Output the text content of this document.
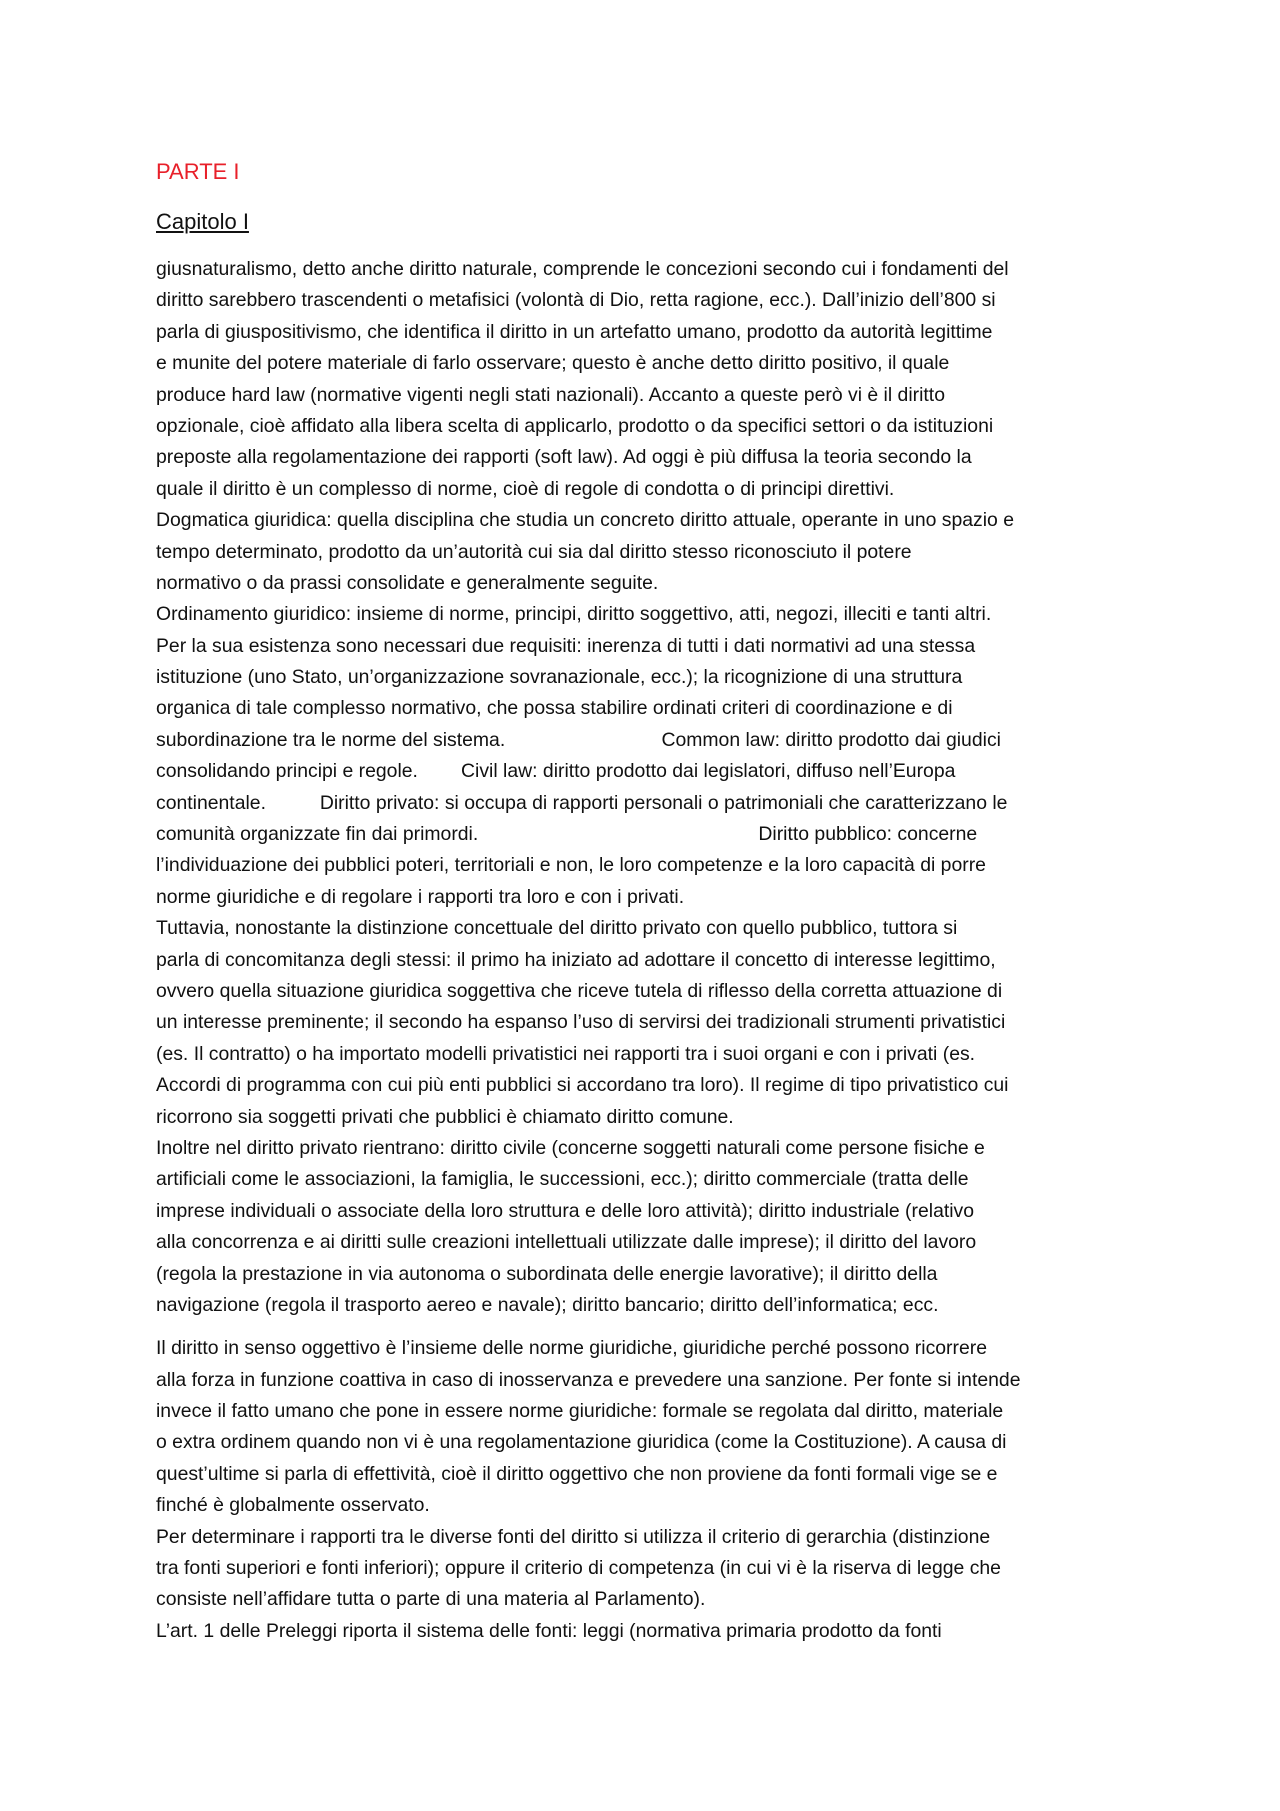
PARTE I
Capitolo I
giusnaturalismo, detto anche diritto naturale, comprende le concezioni secondo cui i fondamenti del
diritto sarebbero trascendenti o metafisici (volontà di Dio, retta ragione, ecc.). Dall’inizio dell’800 si
parla di giuspositivismo, che identifica il diritto in un artefatto umano, prodotto da autorità legittime
e munite del potere materiale di farlo osservare; questo è anche detto diritto positivo, il quale
produce hard law (normative vigenti negli stati nazionali). Accanto a queste però vi è il diritto
opzionale, cioè affidato alla libera scelta di applicarlo, prodotto o da specifici settori o da istituzioni
preposte alla regolamentazione dei rapporti (soft law). Ad oggi è più diffusa la teoria secondo la
quale il diritto è un complesso di norme, cioè di regole di condotta o di principi direttivi.
Dogmatica giuridica: quella disciplina che studia un concreto diritto attuale, operante in uno spazio e
tempo determinato, prodotto da un’autorità cui sia dal diritto stesso riconosciuto il potere
normativo o da prassi consolidate e generalmente seguite.
Ordinamento giuridico: insieme di norme, principi, diritto soggettivo, atti, negozi, illeciti e tanti altri.
Per la sua esistenza sono necessari due requisiti: inerenza di tutti i dati normativi ad una stessa
istituzione (uno Stato, un’organizzazione sovranazionale, ecc.); la ricognizione di una struttura
organica di tale complesso normativo, che possa stabilire ordinati criteri di coordinazione e di
subordinazione tra le norme del sistema.                             Common law: diritto prodotto dai giudici
consolidando principi e regole.        Civil law: diritto prodotto dai legislatori, diffuso nell’Europa
continentale.          Diritto privato: si occupa di rapporti personali o patrimoniali che caratterizzano le
comunità organizzate fin dai primordi.                                                    Diritto pubblico: concerne
l’individuazione dei pubblici poteri, territoriali e non, le loro competenze e la loro capacità di porre
norme giuridiche e di regolare i rapporti tra loro e con i privati.
Tuttavia, nonostante la distinzione concettuale del diritto privato con quello pubblico, tuttora si
parla di concomitanza degli stessi: il primo ha iniziato ad adottare il concetto di interesse legittimo,
ovvero quella situazione giuridica soggettiva che riceve tutela di riflesso della corretta attuazione di
un interesse preminente; il secondo ha espanso l’uso di servirsi dei tradizionali strumenti privatistici
(es. Il contratto) o ha importato modelli privatistici nei rapporti tra i suoi organi e con i privati (es.
Accordi di programma con cui più enti pubblici si accordano tra loro). Il regime di tipo privatistico cui
ricorrono sia soggetti privati che pubblici è chiamato diritto comune.
Inoltre nel diritto privato rientrano: diritto civile (concerne soggetti naturali come persone fisiche e
artificiali come le associazioni, la famiglia, le successioni, ecc.); diritto commerciale (tratta delle
imprese individuali o associate della loro struttura e delle loro attività); diritto industriale (relativo
alla concorrenza e ai diritti sulle creazioni intellettuali utilizzate dalle imprese); il diritto del lavoro
(regola la prestazione in via autonoma o subordinata delle energie lavorative); il diritto della
navigazione (regola il trasporto aereo e navale); diritto bancario; diritto dell’informatica; ecc.
Il diritto in senso oggettivo è l’insieme delle norme giuridiche, giuridiche perché possono ricorrere
alla forza in funzione coattiva in caso di inosservanza e prevedere una sanzione. Per fonte si intende
invece il fatto umano che pone in essere norme giuridiche: formale se regolata dal diritto, materiale
o extra ordinem quando non vi è una regolamentazione giuridica (come la Costituzione). A causa di
quest’ultime si parla di effettività, cioè il diritto oggettivo che non proviene da fonti formali vige se e
finché è globalmente osservato.
Per determinare i rapporti tra le diverse fonti del diritto si utilizza il criterio di gerarchia (distinzione
tra fonti superiori e fonti inferiori); oppure il criterio di competenza (in cui vi è la riserva di legge che
consiste nell’affidare tutta o parte di una materia al Parlamento).
L’art. 1 delle Preleggi riporta il sistema delle fonti: leggi (normativa primaria prodotto da fonti
